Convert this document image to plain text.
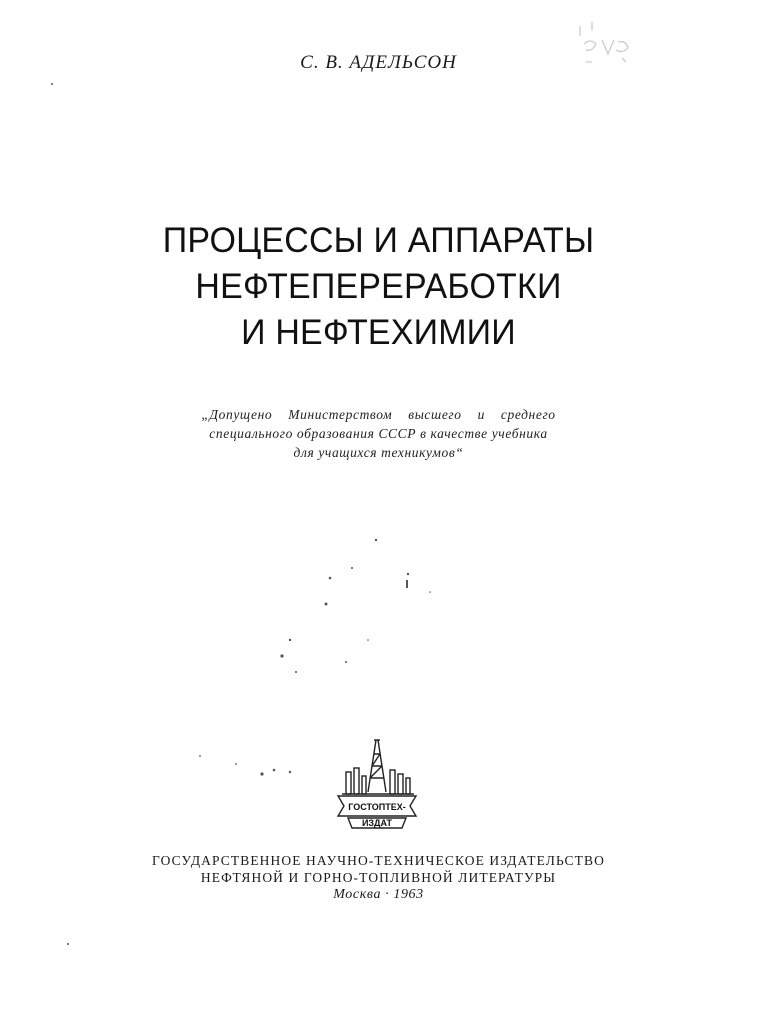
С. В. АДЕЛЬСОН
ПРОЦЕССЫ И АППАРАТЫ
НЕФТЕПЕРЕРАБОТКИ
И НЕФТЕХИМИИ
„Допущено Министерством высшего и среднего
специального образования СССР в качестве учебника
для учащихся техникумов“
ГОСТОПТЕХ-
ИЗДАТ
ГОСУДАРСТВЕННОЕ НАУЧНО-ТЕХНИЧЕСКОЕ ИЗДАТЕЛЬСТВО
НЕФТЯНОЙ И ГОРНО-ТОПЛИВНОЙ ЛИТЕРАТУРЫ
Москва · 1963
